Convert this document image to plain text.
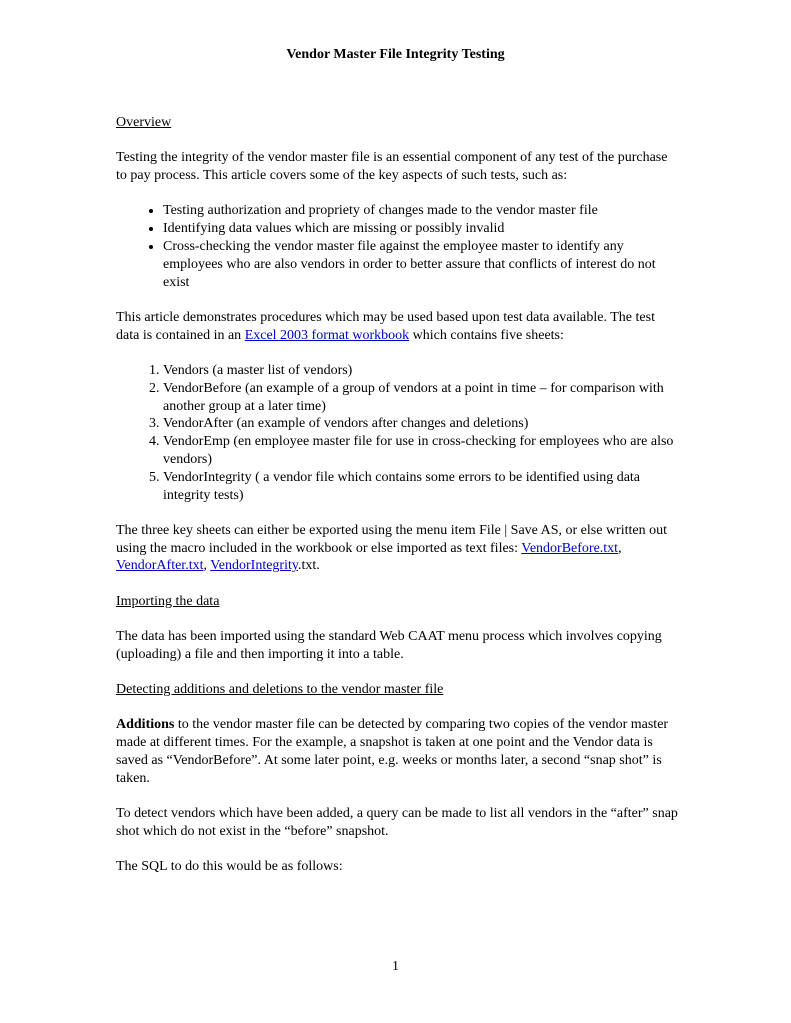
Vendor Master File Integrity Testing

Overview

Testing the integrity of the vendor master file is an essential component of any test of the purchase to pay process. This article covers some of the key aspects of such tests, such as:

• Testing authorization and propriety of changes made to the vendor master file
• Identifying data values which are missing or possibly invalid
• Cross-checking the vendor master file against the employee master to identify any employees who are also vendors in order to better assure that conflicts of interest do not exist

This article demonstrates procedures which may be used based upon test data available. The test data is contained in an Excel 2003 format workbook which contains five sheets:

1. Vendors (a master list of vendors)
2. VendorBefore (an example of a group of vendors at a point in time – for comparison with another group at a later time)
3. VendorAfter (an example of vendors after changes and deletions)
4. VendorEmp (en employee master file for use in cross-checking for employees who are also vendors)
5. VendorIntegrity ( a vendor file which contains some errors to be identified using data integrity tests)

The three key sheets can either be exported using the menu item File | Save AS, or else written out using the macro included in the workbook or else imported as text files: VendorBefore.txt, VendorAfter.txt, VendorIntegrity.txt.

Importing the data

The data has been imported using the standard Web CAAT menu process which involves copying (uploading) a file and then importing it into a table.

Detecting additions and deletions to the vendor master file

Additions to the vendor master file can be detected by comparing two copies of the vendor master made at different times. For the example, a snapshot is taken at one point and the Vendor data is saved as “VendorBefore”. At some later point, e.g. weeks or months later, a second “snap shot” is taken.

To detect vendors which have been added, a query can be made to list all vendors in the “after” snap shot which do not exist in the “before” snapshot.

The SQL to do this would be as follows:

1
